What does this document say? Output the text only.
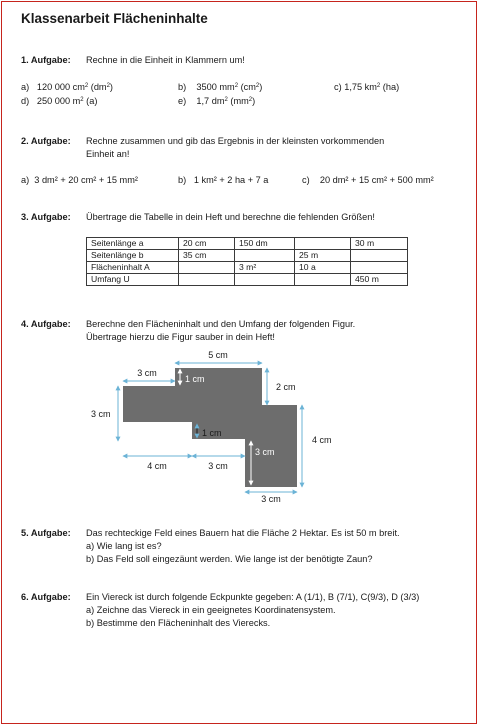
Klassenarbeit Flächeninhalte
1. Aufgabe: Rechne in die Einheit in Klammern um!
a) 120 000 $cm^2$ $(dm^2)$	b) 3500 $mm^2$ $(cm^2)$	c) 1,75 $km^2$ (ha)
d) 250 000 $m^2$ (a)	e) 1,7 $dm^2$ $(mm^2)$
2. Aufgabe: Rechne zusammen und gib das Ergebnis in der kleinsten vorkommenden
Einheit an!
a) 3 dm² + 20 cm² + 15 mm²	b) 1 km² + 2 ha + 7 a	c) 20 dm² + 15 cm² + 500 mm²
3. Aufgabe: Übertrage die Tabelle in dein Heft und berechne die fehlenden Größen!
Seitenlänge a	20 cm	150 dm		30 m
Seitenlänge b	35 cm		25 m	
Flächeninhalt A		3 m²	10 a	
Umfang U				450 m
4. Aufgabe: Berechne den Flächeninhalt und den Umfang der folgenden Figur.
Übertrage hierzu die Figur sauber in dein Heft!
5 cm
3 cm
1 cm
2 cm
3 cm
1 cm
4 cm
3 cm
4 cm	3 cm
3 cm
5. Aufgabe: Das rechteckige Feld eines Bauern hat die Fläche 2 Hektar. Es ist 50 m breit.
a) Wie lang ist es?
b) Das Feld soll eingezäunt werden. Wie lange ist der benötigte Zaun?
6. Aufgabe: Ein Viereck ist durch folgende Eckpunkte gegeben: A (1/1), B (7/1), C(9/3), D (3/3)
a) Zeichne das Viereck in ein geeignetes Koordinatensystem.
b) Bestimme den Flächeninhalt des Vierecks.
